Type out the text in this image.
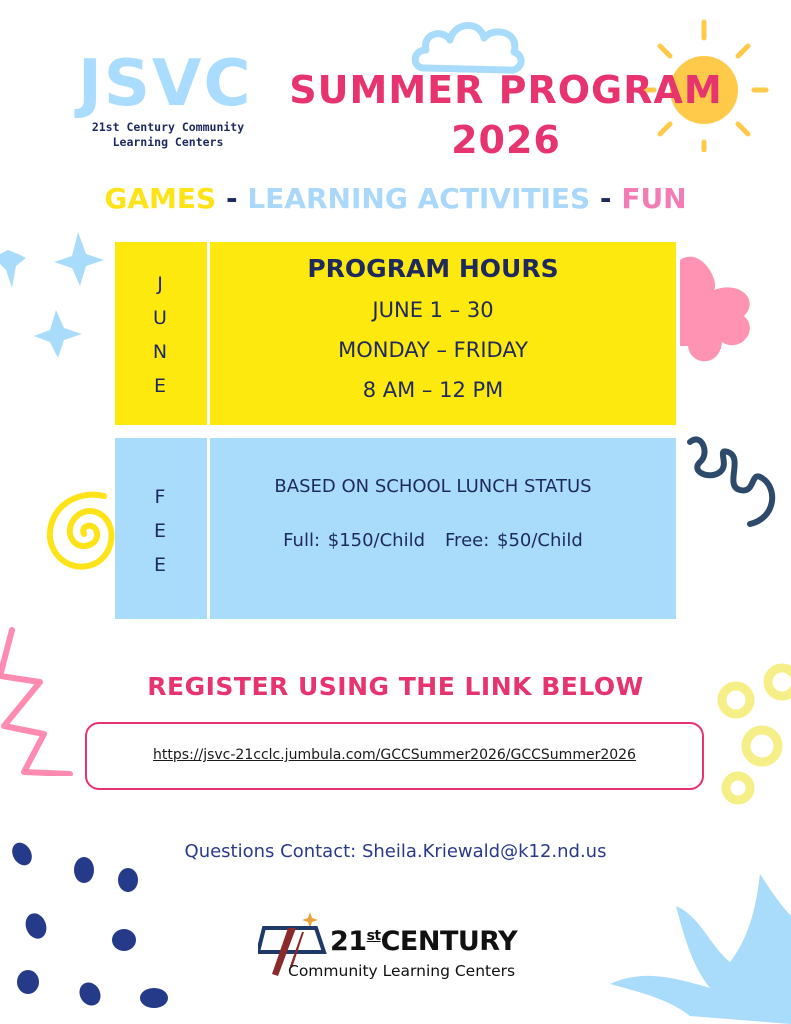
JSVC
21st Century Community
Learning Centers
SUMMER PROGRAM
2026
GAMES - LEARNING ACTIVITIES - FUN
J
U
N
E
PROGRAM HOURS
JUNE 1 – 30
MONDAY – FRIDAY
8 AM – 12 PM
F
E
E
BASED ON SCHOOL LUNCH STATUS
Full: $150/Child Free: $50/Child
REGISTER USING THE LINK BELOW
https://jsvc-21cclc.jumbula.com/GCCSummer2026/GCCSummer2026
Questions Contact: Sheila.Kriewald@k12.nd.us
21stCENTURY
Community Learning Centers
